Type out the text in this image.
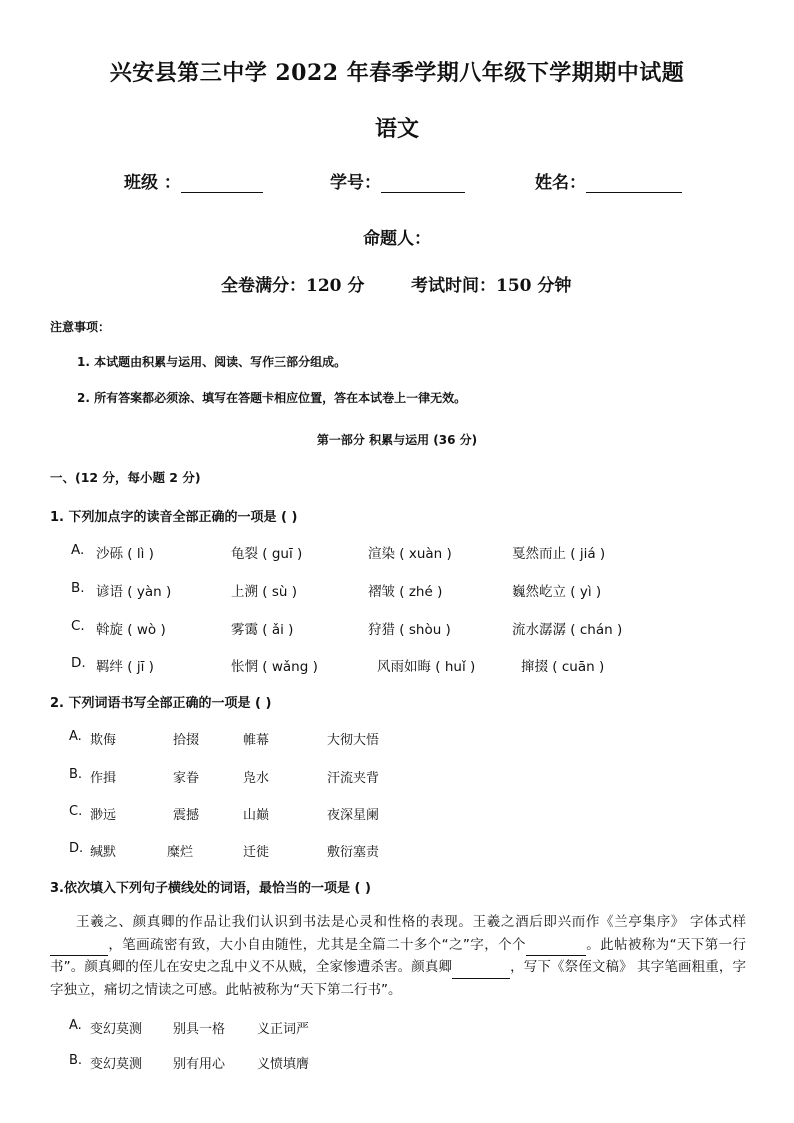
兴安县第三中学 2022 年春季学期八年级下学期期中试题
语文
班级 ：	学号：	姓名：
命题人：
全卷满分：120 分	考试时间：150 分钟
注意事项：
1. 本试题由积累与运用、阅读、写作三部分组成。
2. 所有答案都必须涂、填写在答题卡相应位置，答在本试卷上一律无效。
第一部分 积累与运用 (36 分)
一、(12 分，每小题 2 分)
1. 下列加点字的读音全部正确的一项是 ( )
A. 沙砾 ( lì )	龟裂 ( guī )	渲染 ( xuàn )	戛然而止 ( jiá )
B. 谚语 ( yàn )	上溯 ( sù )	褶皱 ( zhé )	巍然屹立 ( yì )
C. 斡旋 ( wò )	雾霭 ( ǎi )	狩猎 ( shòu )	流水潺潺 ( chán )
D. 羁绊 ( jī )	怅惘 ( wǎng )	风雨如晦 ( huǐ )	撺掇 ( cuān )
2. 下列词语书写全部正确的一项是 ( )
A. 欺侮	拾掇	帷幕	大彻大悟
B. 作揖	家眷	凫水	汗流夹背
C. 渺远	震撼	山巅	夜深星阑
D. 缄默	糜烂	迁徙	敷衍塞责
3.依次填入下列句子横线处的词语，最恰当的一项是 ( )
王羲之、颜真卿的作品让我们认识到书法是心灵和性格的表现。王羲之酒后即兴而作《兰亭集序》 字体式样，笔画疏密有致，大小自由随性，尤其是全篇二十多个“之”字，个个	。此帖被称为“天下第一行书”。颜真卿的侄儿在安史之乱中义不从贼，全家惨遭杀害。颜真卿	，写下《祭侄文稿》 其字笔画粗重，字字独立，痛切之情读之可感。此帖被称为“天下第二行书”。
A. 变幻莫测 别具一格 义正词严
B. 变幻莫测 别有用心 义愤填膺
